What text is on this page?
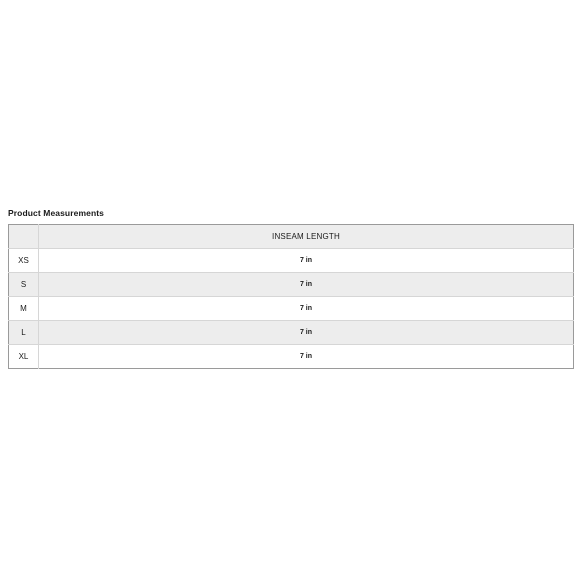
Product Measurements
	INSEAM LENGTH
XS	7 in
S	7 in
M	7 in
L	7 in
XL	7 in
